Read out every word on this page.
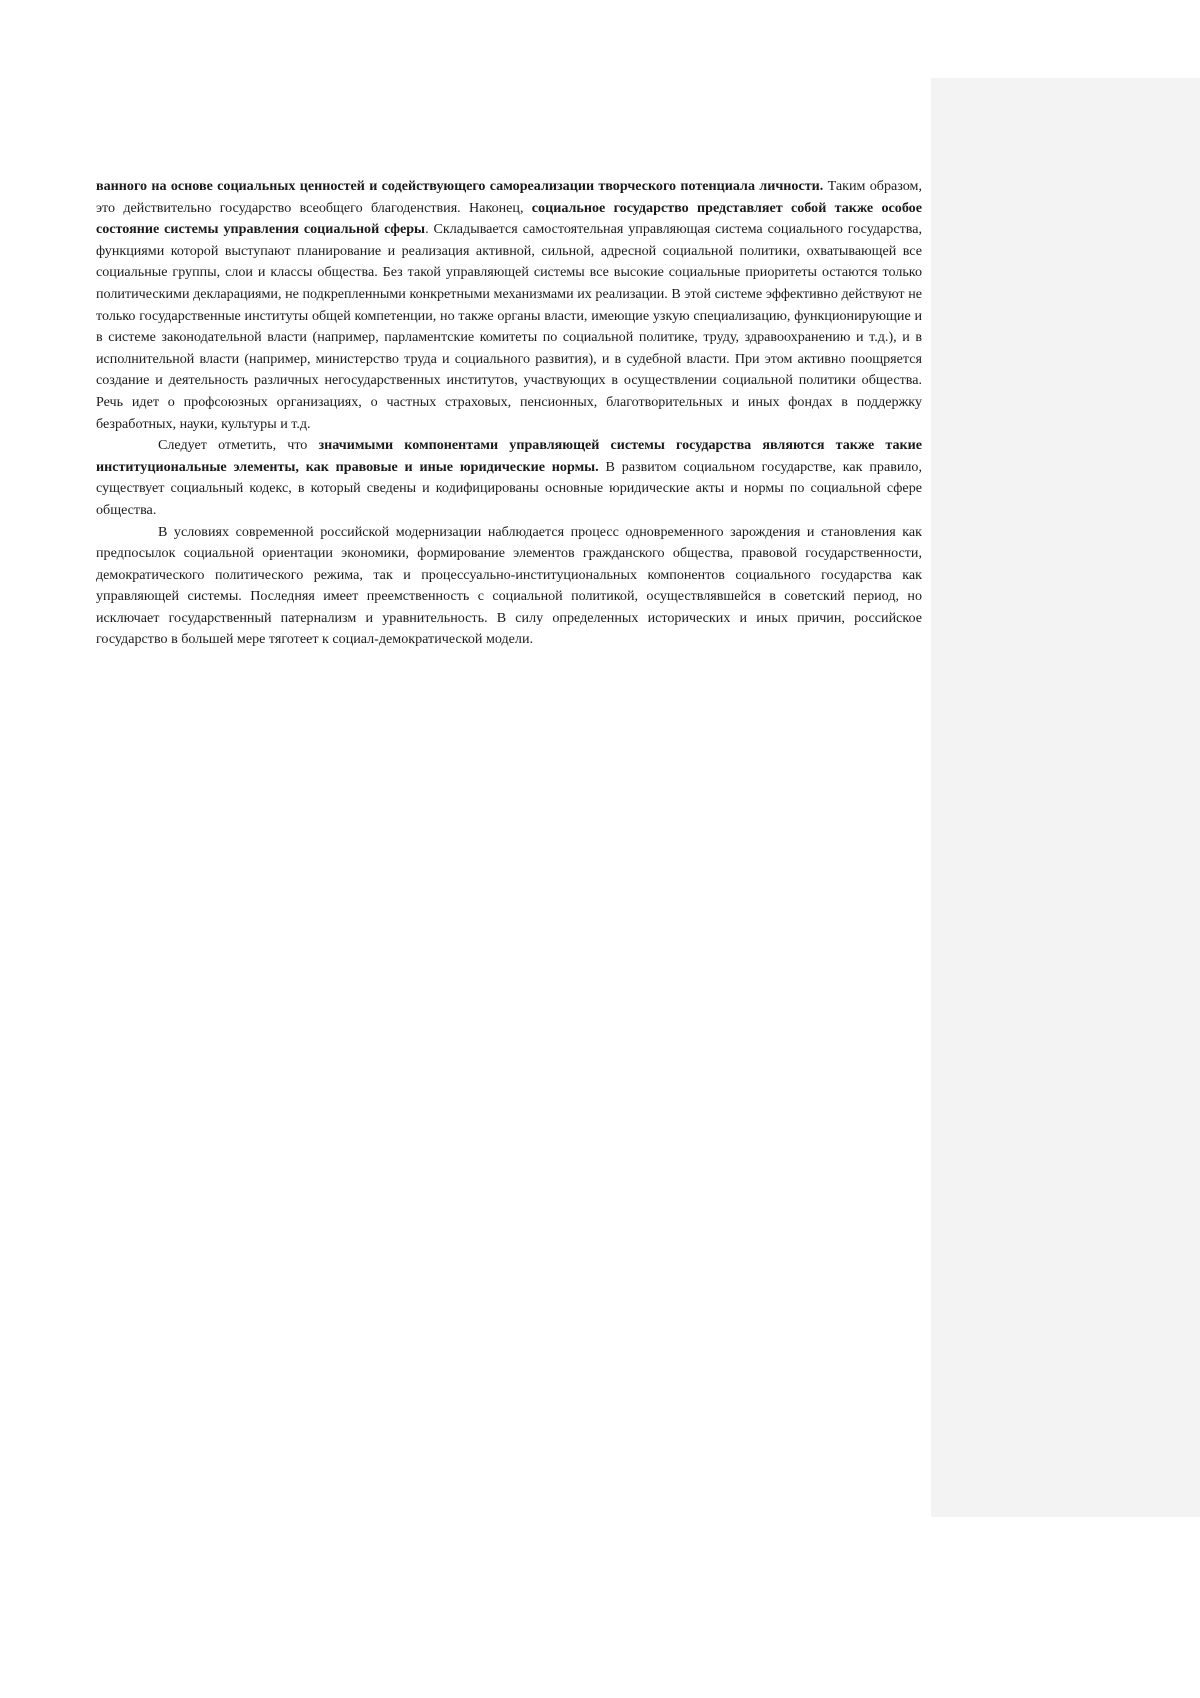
ванного на основе социальных ценностей и содействующего самореализации творческого потенциала личности. Таким образом, это действительно государство всеобщего благоденствия. Наконец, социальное государство представляет собой также особое состояние системы управления социальной сферы. Складывается самостоятельная управляющая система социального государства, функциями которой выступают планирование и реализация активной, сильной, адресной социальной политики, охватывающей все социальные группы, слои и классы общества. Без такой управляющей системы все высокие социальные приоритеты остаются только политическими декларациями, не подкрепленными конкретными механизмами их реализации. В этой системе эффективно действуют не только государственные институты общей компетенции, но также органы власти, имеющие узкую специализацию, функционирующие и в системе законодательной власти (например, парламентские комитеты по социальной политике, труду, здравоохранению и т.д.), и в исполнительной власти (например, министерство труда и социального развития), и в судебной власти. При этом активно поощряется создание и деятельность различных негосударственных институтов, участвующих в осуществлении социальной политики общества. Речь идет о профсоюзных организациях, о частных страховых, пенсионных, благотворительных и иных фондах в поддержку безработных, науки, культуры и т.д.

Следует отметить, что значимыми компонентами управляющей системы государства являются также такие институциональные элементы, как правовые и иные юридические нормы. В развитом социальном государстве, как правило, существует социальный кодекс, в который сведены и кодифицированы основные юридические акты и нормы по социальной сфере общества.

В условиях современной российской модернизации наблюдается процесс одновременного зарождения и становления как предпосылок социальной ориентации экономики, формирование элементов гражданского общества, правовой государственности, демократического политического режима, так и процессуально-институциональных компонентов социального государства как управляющей системы. Последняя имеет преемственность с социальной политикой, осуществлявшейся в советский период, но исключает государственный патернализм и уравнительность. В силу определенных исторических и иных причин, российское государство в большей мере тяготеет к социал-демократической модели.
